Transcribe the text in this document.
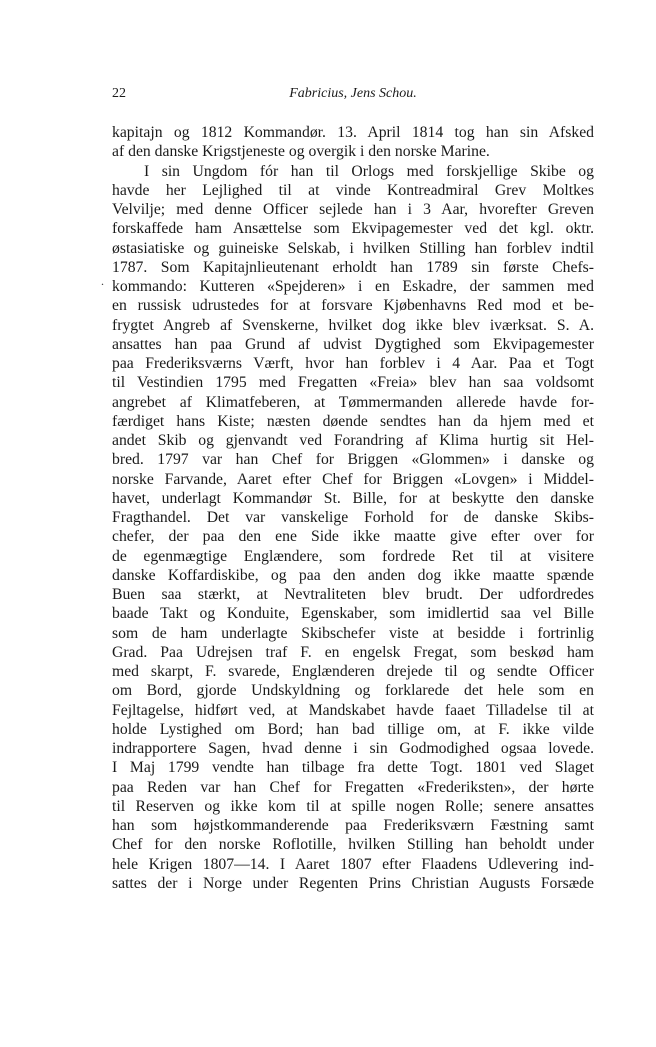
22	Fabricius, Jens Schou.
.
kapitajn og 1812 Kommandør. 13. April 1814 tog han sin Afsked
af den danske Krigstjeneste og overgik i den norske Marine.
I sin Ungdom fór han til Orlogs med forskjellige Skibe og
havde her Lejlighed til at vinde Kontreadmiral Grev Moltkes
Velvilje; med denne Officer sejlede han i 3 Aar, hvorefter Greven
forskaffede ham Ansættelse som Ekvipagemester ved det kgl. oktr.
østasiatiske og guineiske Selskab, i hvilken Stilling han forblev indtil
1787. Som Kapitajnlieutenant erholdt han 1789 sin første Chefs-
kommando: Kutteren «Spejderen» i en Eskadre, der sammen med
en russisk udrustedes for at forsvare Kjøbenhavns Red mod et be-
frygtet Angreb af Svenskerne, hvilket dog ikke blev iværksat. S. A.
ansattes han paa Grund af udvist Dygtighed som Ekvipagemester
paa Frederiksværns Værft, hvor han forblev i 4 Aar. Paa et Togt
til Vestindien 1795 med Fregatten «Freia» blev han saa voldsomt
angrebet af Klimatfeberen, at Tømmermanden allerede havde for-
færdiget hans Kiste; næsten døende sendtes han da hjem med et
andet Skib og gjenvandt ved Forandring af Klima hurtig sit Hel-
bred. 1797 var han Chef for Briggen «Glommen» i danske og
norske Farvande, Aaret efter Chef for Briggen «Lovgen» i Middel-
havet, underlagt Kommandør St. Bille, for at beskytte den danske
Fragthandel. Det var vanskelige Forhold for de danske Skibs-
chefer, der paa den ene Side ikke maatte give efter over for
de egenmægtige Englændere, som fordrede Ret til at visitere
danske Koffardiskibe, og paa den anden dog ikke maatte spænde
Buen saa stærkt, at Nevtraliteten blev brudt. Der udfordredes
baade Takt og Konduite, Egenskaber, som imidlertid saa vel Bille
som de ham underlagte Skibschefer viste at besidde i fortrinlig
Grad. Paa Udrejsen traf F. en engelsk Fregat, som beskød ham
med skarpt, F. svarede, Englænderen drejede til og sendte Officer
om Bord, gjorde Undskyldning og forklarede det hele som en
Fejltagelse, hidført ved, at Mandskabet havde faaet Tilladelse til at
holde Lystighed om Bord; han bad tillige om, at F. ikke vilde
indrapportere Sagen, hvad denne i sin Godmodighed ogsaa lovede.
I Maj 1799 vendte han tilbage fra dette Togt. 1801 ved Slaget
paa Reden var han Chef for Fregatten «Frederiksten», der hørte
til Reserven og ikke kom til at spille nogen Rolle; senere ansattes
han som højstkommanderende paa Frederiksværn Fæstning samt
Chef for den norske Roflotille, hvilken Stilling han beholdt under
hele Krigen 1807—14. I Aaret 1807 efter Flaadens Udlevering ind-
sattes der i Norge under Regenten Prins Christian Augusts Forsæde
